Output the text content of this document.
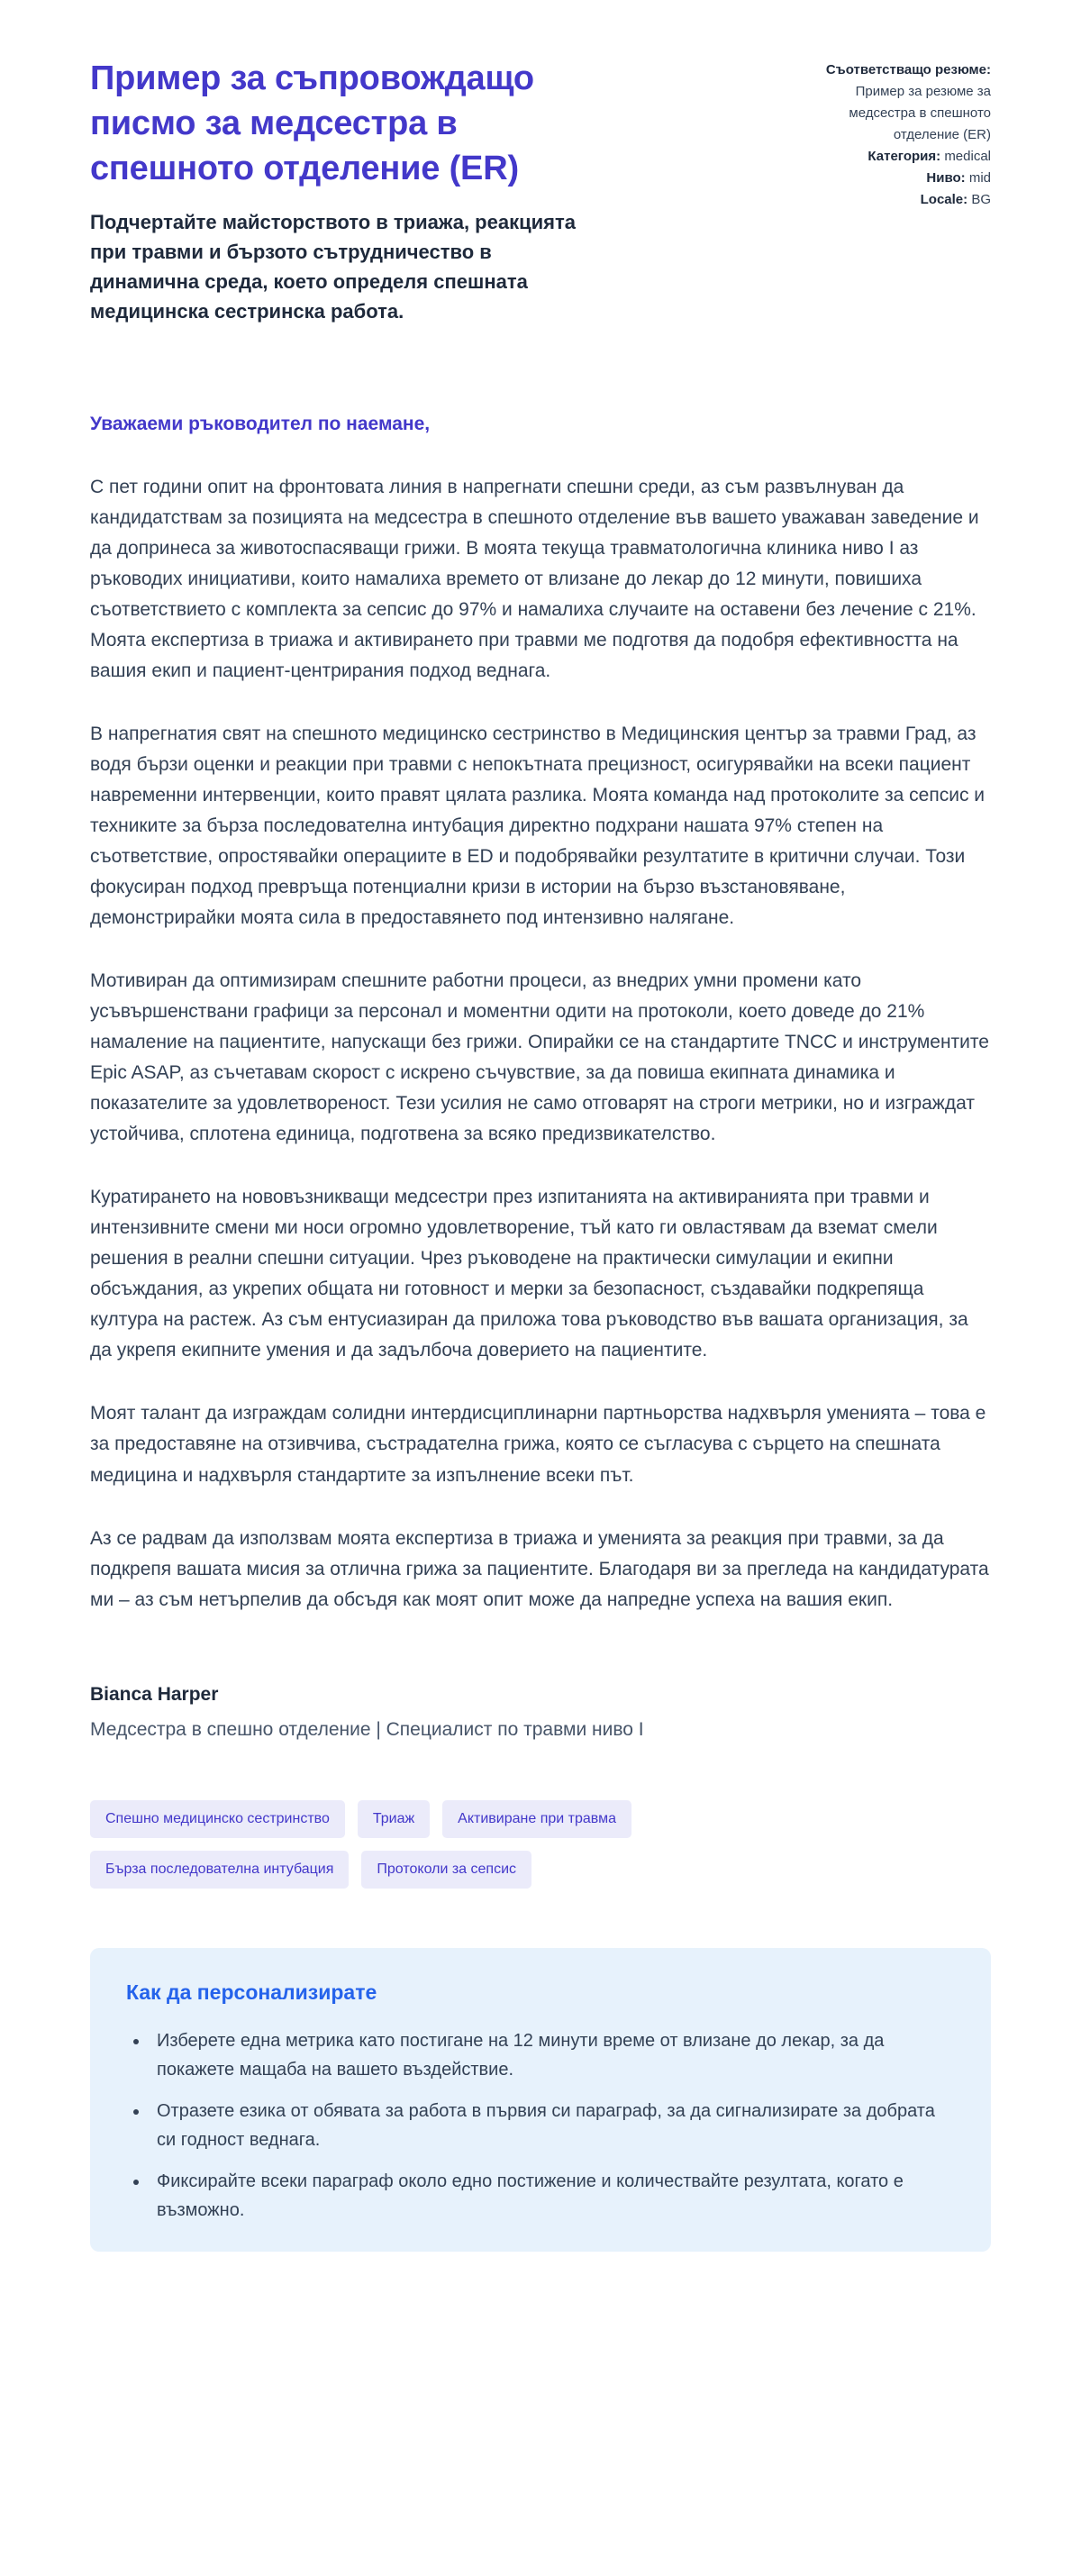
Пример за съпровождащо писмо за медсестра в спешното отделение (ER)
Подчертайте майсторството в триажа, реакцията при травми и бързото сътрудничество в динамична среда, което определя спешната медицинска сестринска работа.

Съответстващо резюме: Пример за резюме за медсестра в спешното отделение (ER)

Категория: medical

Ниво: mid

Locale: BG

Уважаеми ръководител по наемане,

С пет години опит на фронтовата линия в напрегнати спешни среди, аз съм развълнуван да кандидатствам за позицията на медсестра в спешното отделение във вашето уважаван заведение и да допринеса за животоспасяващи грижи. В моята текуща травматологична клиника ниво I аз ръководих инициативи, които намалиха времето от влизане до лекар до 12 минути, повишиха съответствието с комплекта за сепсис до 97% и намалиха случаите на оставени без лечение с 21%. Моята експертиза в триажа и активирането при травми ме подготвя да подобря ефективността на вашия екип и пациент-центрирания подход веднага.

В напрегнатия свят на спешното медицинско сестринство в Медицинския център за травми Град, аз водя бързи оценки и реакции при травми с непокътната прецизност, осигурявайки на всеки пациент навременни интервенции, които правят цялата разлика. Моята команда над протоколите за сепсис и техниките за бърза последователна интубация директно подхрани нашата 97% степен на съответствие, опростявайки операциите в ED и подобрявайки резултатите в критични случаи. Този фокусиран подход превръща потенциални кризи в истории на бързо възстановяване, демонстрирайки моята сила в предоставянето под интензивно налягане.

Мотивиран да оптимизирам спешните работни процеси, аз внедрих умни промени като усъвършенствани графици за персонал и моментни одити на протоколи, което доведе до 21% намаление на пациентите, напускащи без грижи. Опирайки се на стандартите TNCC и инструментите Epic ASAP, аз съчетавам скорост с искрено съчувствие, за да повиша екипната динамика и показателите за удовлетвореност. Тези усилия не само отговарят на строги метрики, но и изграждат устойчива, сплотена единица, подготвена за всяко предизвикателство.

Куратирането на нововъзникващи медсестри през изпитанията на активиранията при травми и интензивните смени ми носи огромно удовлетворение, тъй като ги овластявам да вземат смели решения в реални спешни ситуации. Чрез ръководене на практически симулации и екипни обсъждания, аз укрепих общата ни готовност и мерки за безопасност, създавайки подкрепяща култура на растеж. Аз съм ентусиазиран да приложа това ръководство във вашата организация, за да укрепя екипните умения и да задълбоча доверието на пациентите.

Моят талант да изграждам солидни интердисциплинарни партньорства надхвърля уменията – това е за предоставяне на отзивчива, състрадателна грижа, която се съгласува с сърцето на спешната медицина и надхвърля стандартите за изпълнение всеки път.

Аз се радвам да използвам моята експертиза в триажа и уменията за реакция при травми, за да подкрепя вашата мисия за отлична грижа за пациентите. Благодаря ви за прегледа на кандидатурата ми – аз съм нетърпелив да обсъдя как моят опит може да напредне успеха на вашия екип.

Bianca Harper

Медсестра в спешно отделение | Специалист по травми ниво I

Спешно медицинско сестринство	Триаж	Активиране при травма
Бърза последователна интубация	Протоколи за сепсис
Как да персонализирате
• Изберете една метрика като постигане на 12 минути време от влизане до лекар, за да покажете мащаба на вашето въздействие.
• Отразете езика от обявата за работа в първия си параграф, за да сигнализирате за добрата си годност веднага.
• Фиксирайте всеки параграф около едно постижение и количествайте резултата, когато е възможно.
